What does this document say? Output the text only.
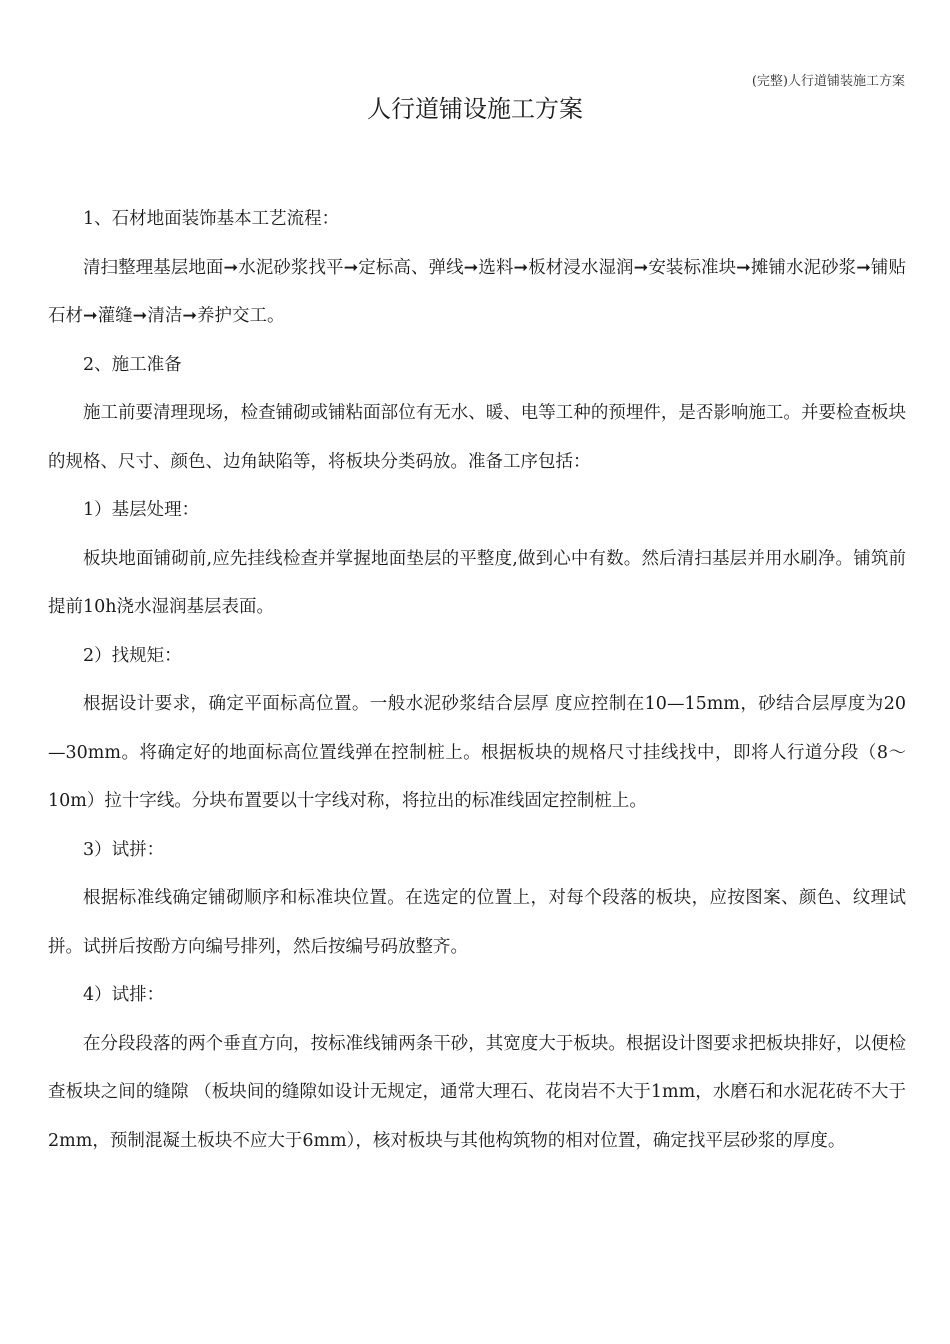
(完整)人行道铺装施工方案
人行道铺设施工方案

1、石材地面装饰基本工艺流程：

清扫整理基层地面➞水泥砂浆找平➞定标高、弹线➞选料➞板材浸水湿润➞安装标准块➞摊铺水泥砂浆➞铺贴石材➞灌缝➞清洁➞养护交工。

2、施工准备

施工前要清理现场，检查铺砌或铺粘面部位有无水、暖、电等工种的预埋件，是否影响施工。并要检查板块的规格、尺寸、颜色、边角缺陷等，将板块分类码放。准备工序包括：

1）基层处理：

板块地面铺砌前,应先挂线检查并掌握地面垫层的平整度,做到心中有数。然后清扫基层并用水刷净。铺筑前提前10h浇水湿润基层表面。

2）找规矩：

根据设计要求，确定平面标高位置。一般水泥砂浆结合层厚 度应控制在10—15mm，砂结合层厚度为20—30mm。将确定好的地面标高位置线弹在控制桩上。根据板块的规格尺寸挂线找中，即将人行道分段（8～10m）拉十字线。分块布置要以十字线对称，将拉出的标准线固定控制桩上。

3）试拼：

根据标准线确定铺砌顺序和标准块位置。在选定的位置上，对每个段落的板块，应按图案、颜色、纹理试拼。试拼后按酚方向编号排列，然后按编号码放整齐。

4）试排：

在分段段落的两个垂直方向，按标准线铺两条干砂，其宽度大于板块。根据设计图要求把板块排好，以便检查板块之间的缝隙 （板块间的缝隙如设计无规定，通常大理石、花岗岩不大于1mm，水磨石和水泥花砖不大于2mm，预制混凝土板块不应大于6mm），核对板块与其他构筑物的相对位置，确定找平层砂浆的厚度。
